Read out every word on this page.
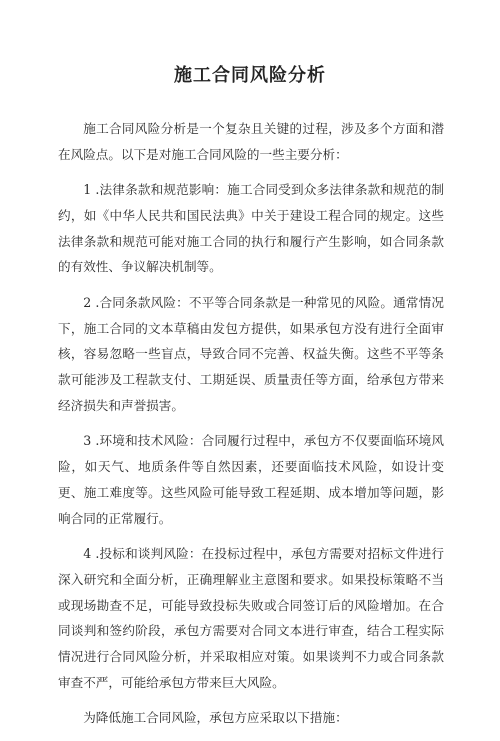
施工合同风险分析

施工合同风险分析是一个复杂且关键的过程，涉及多个方面和潜在风险点。以下是对施工合同风险的一些主要分析：

1 .法律条款和规范影响：施工合同受到众多法律条款和规范的制约，如《中华人民共和国民法典》中关于建设工程合同的规定。这些法律条款和规范可能对施工合同的执行和履行产生影响，如合同条款的有效性、争议解决机制等。

2 .合同条款风险：不平等合同条款是一种常见的风险。通常情况下，施工合同的文本草稿由发包方提供，如果承包方没有进行全面审核，容易忽略一些盲点，导致合同不完善、权益失衡。这些不平等条款可能涉及工程款支付、工期延误、质量责任等方面，给承包方带来经济损失和声誉损害。

3 .环境和技术风险：合同履行过程中，承包方不仅要面临环境风险，如天气、地质条件等自然因素，还要面临技术风险，如设计变更、施工难度等。这些风险可能导致工程延期、成本增加等问题，影响合同的正常履行。

4 .投标和谈判风险：在投标过程中，承包方需要对招标文件进行深入研究和全面分析，正确理解业主意图和要求。如果投标策略不当或现场勘查不足，可能导致投标失败或合同签订后的风险增加。在合同谈判和签约阶段，承包方需要对合同文本进行审查，结合工程实际情况进行合同风险分析，并采取相应对策。如果谈判不力或合同条款审查不严，可能给承包方带来巨大风险。

为降低施工合同风险，承包方应采取以下措施：
